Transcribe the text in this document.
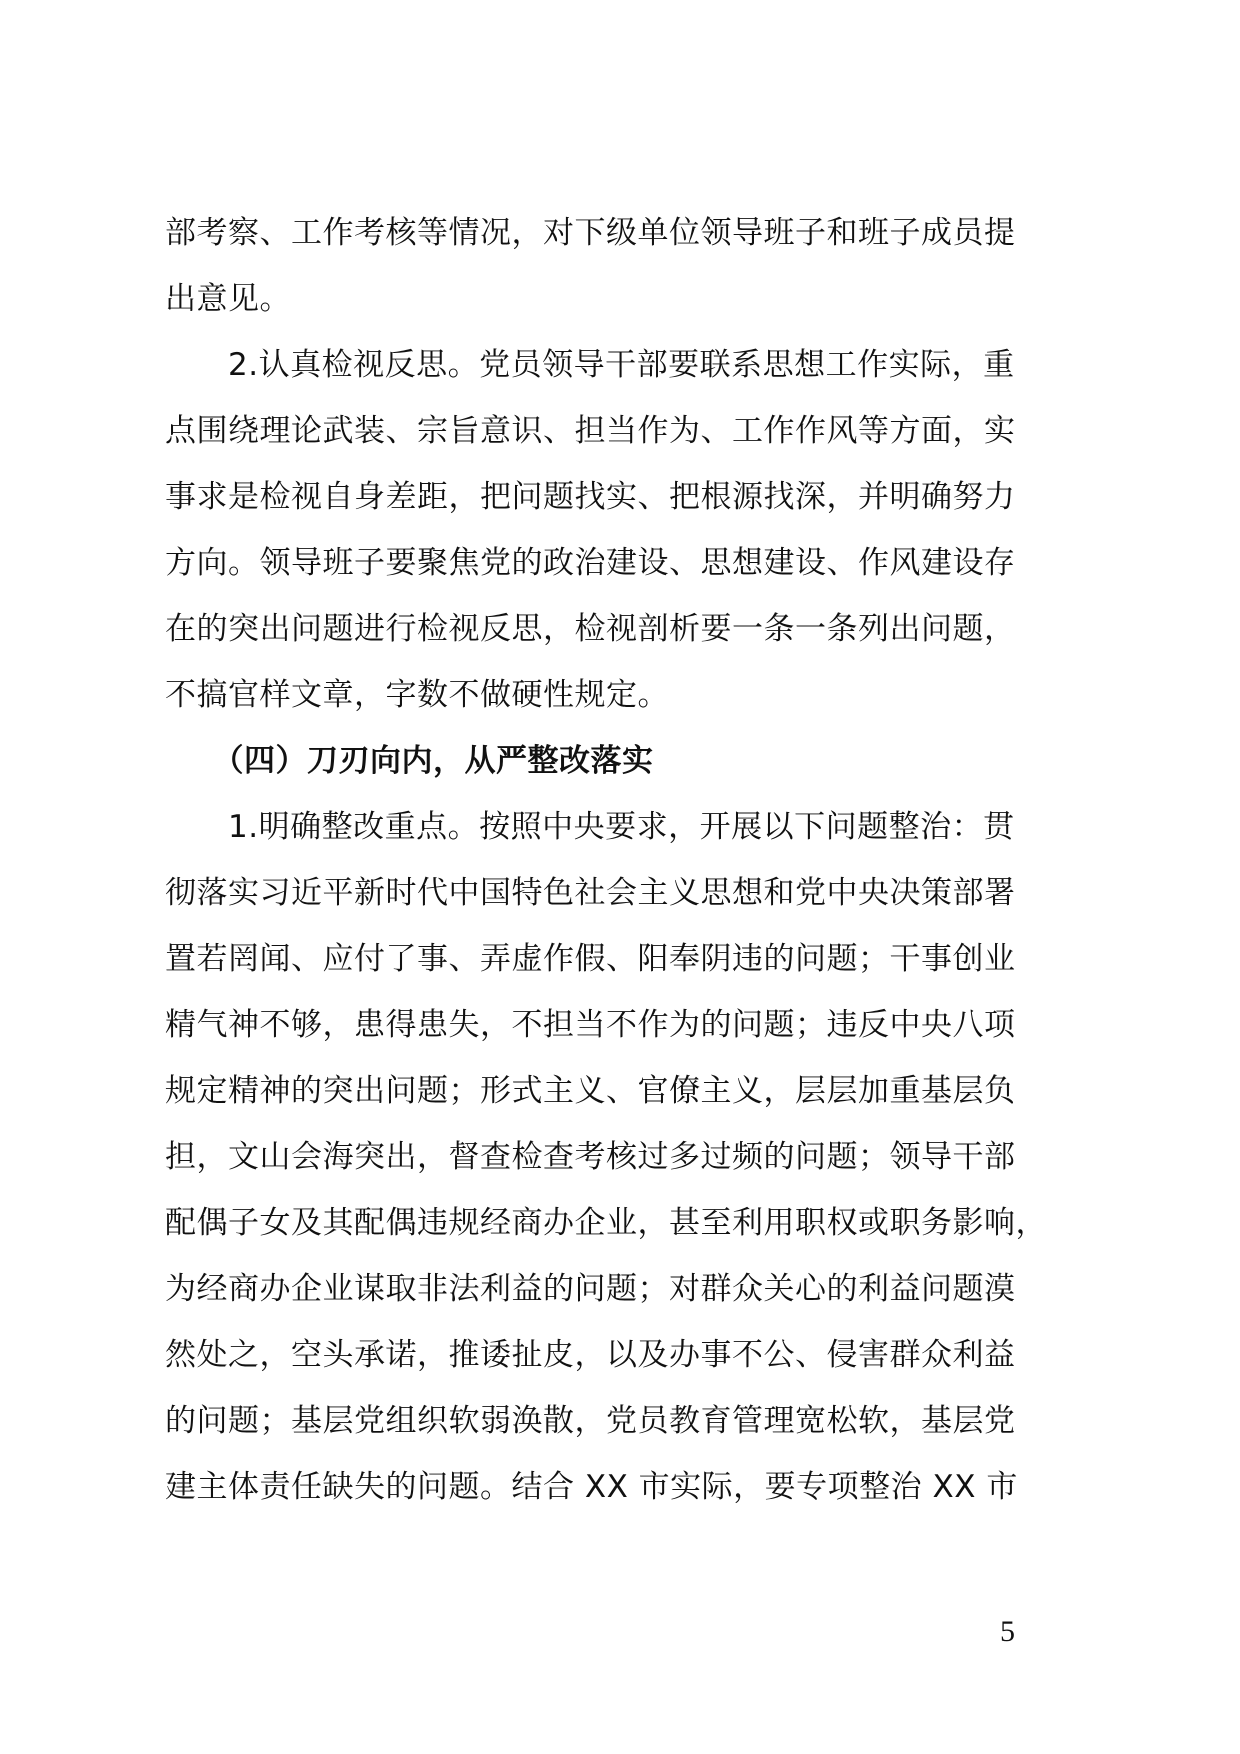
部考察、工作考核等情况，对下级单位领导班子和班子成员提
出意见。
　　2.认真检视反思。党员领导干部要联系思想工作实际，重
点围绕理论武装、宗旨意识、担当作为、工作作风等方面，实
事求是检视自身差距，把问题找实、把根源找深，并明确努力
方向。领导班子要聚焦党的政治建设、思想建设、作风建设存
在的突出问题进行检视反思，检视剖析要一条一条列出问题，
不搞官样文章，字数不做硬性规定。
　　（四）刀刃向内，从严整改落实
　　1.明确整改重点。按照中央要求，开展以下问题整治：贯
彻落实习近平新时代中国特色社会主义思想和党中央决策部署
置若罔闻、应付了事、弄虚作假、阳奉阴违的问题；干事创业
精气神不够，患得患失，不担当不作为的问题；违反中央八项
规定精神的突出问题；形式主义、官僚主义，层层加重基层负
担，文山会海突出，督查检查考核过多过频的问题；领导干部
配偶子女及其配偶违规经商办企业，甚至利用职权或职务影响，
为经商办企业谋取非法利益的问题；对群众关心的利益问题漠
然处之，空头承诺，推诿扯皮，以及办事不公、侵害群众利益
的问题；基层党组织软弱涣散，党员教育管理宽松软，基层党
建主体责任缺失的问题。结合 XX 市实际，要专项整治 XX 市
5
